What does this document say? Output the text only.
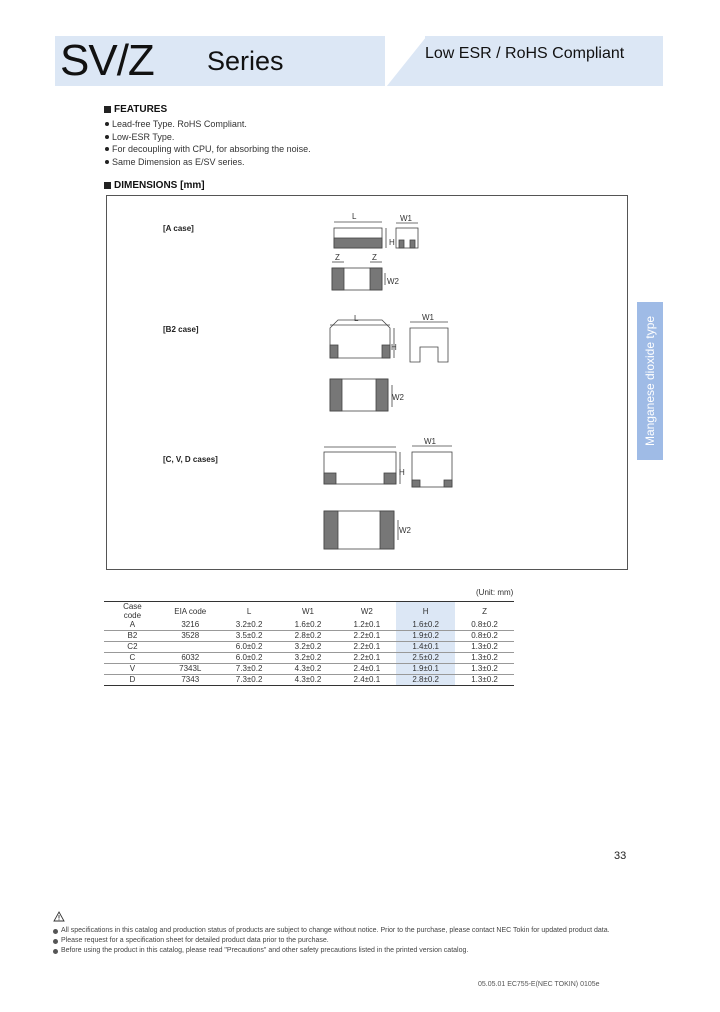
SV/Z Series	Low ESR / RoHS Compliant
FEATURES
Lead-free Type. RoHS Compliant.
Low-ESR Type.
For decoupling with CPU, for absorbing the noise.
Same Dimension as E/SV series.
DIMENSIONS [mm]
[A case]
[B2 case]
[C, V, D cases]
L
H
W1
Z	Z
W2
L
H
W1
W2
H
W1
W2
Manganese dioxide type
(Unit: mm)
Case
code	EIA code	L	W1	W2	H	Z
A	3216	3.2±0.2	1.6±0.2	1.2±0.1	1.6±0.2	0.8±0.2
B2	3528	3.5±0.2	2.8±0.2	2.2±0.1	1.9±0.2	0.8±0.2
C2		6.0±0.2	3.2±0.2	2.2±0.1	1.4±0.1	1.3±0.2
C	6032	6.0±0.2	3.2±0.2	2.2±0.1	2.5±0.2	1.3±0.2
V	7343L	7.3±0.2	4.3±0.2	2.4±0.1	1.9±0.1	1.3±0.2
D	7343	7.3±0.2	4.3±0.2	2.4±0.1	2.8±0.2	1.3±0.2
33
All specifications in this catalog and production status of products are subject to change without notice. Prior to the purchase, please contact NEC Tokin for updated product data.
Please request for a specification sheet for detailed product data prior to the purchase.
Before using the product in this catalog, please read "Precautions" and other safety precautions listed in the printed version catalog.
05.05.01 EC755-E(NEC TOKIN) 0105e
